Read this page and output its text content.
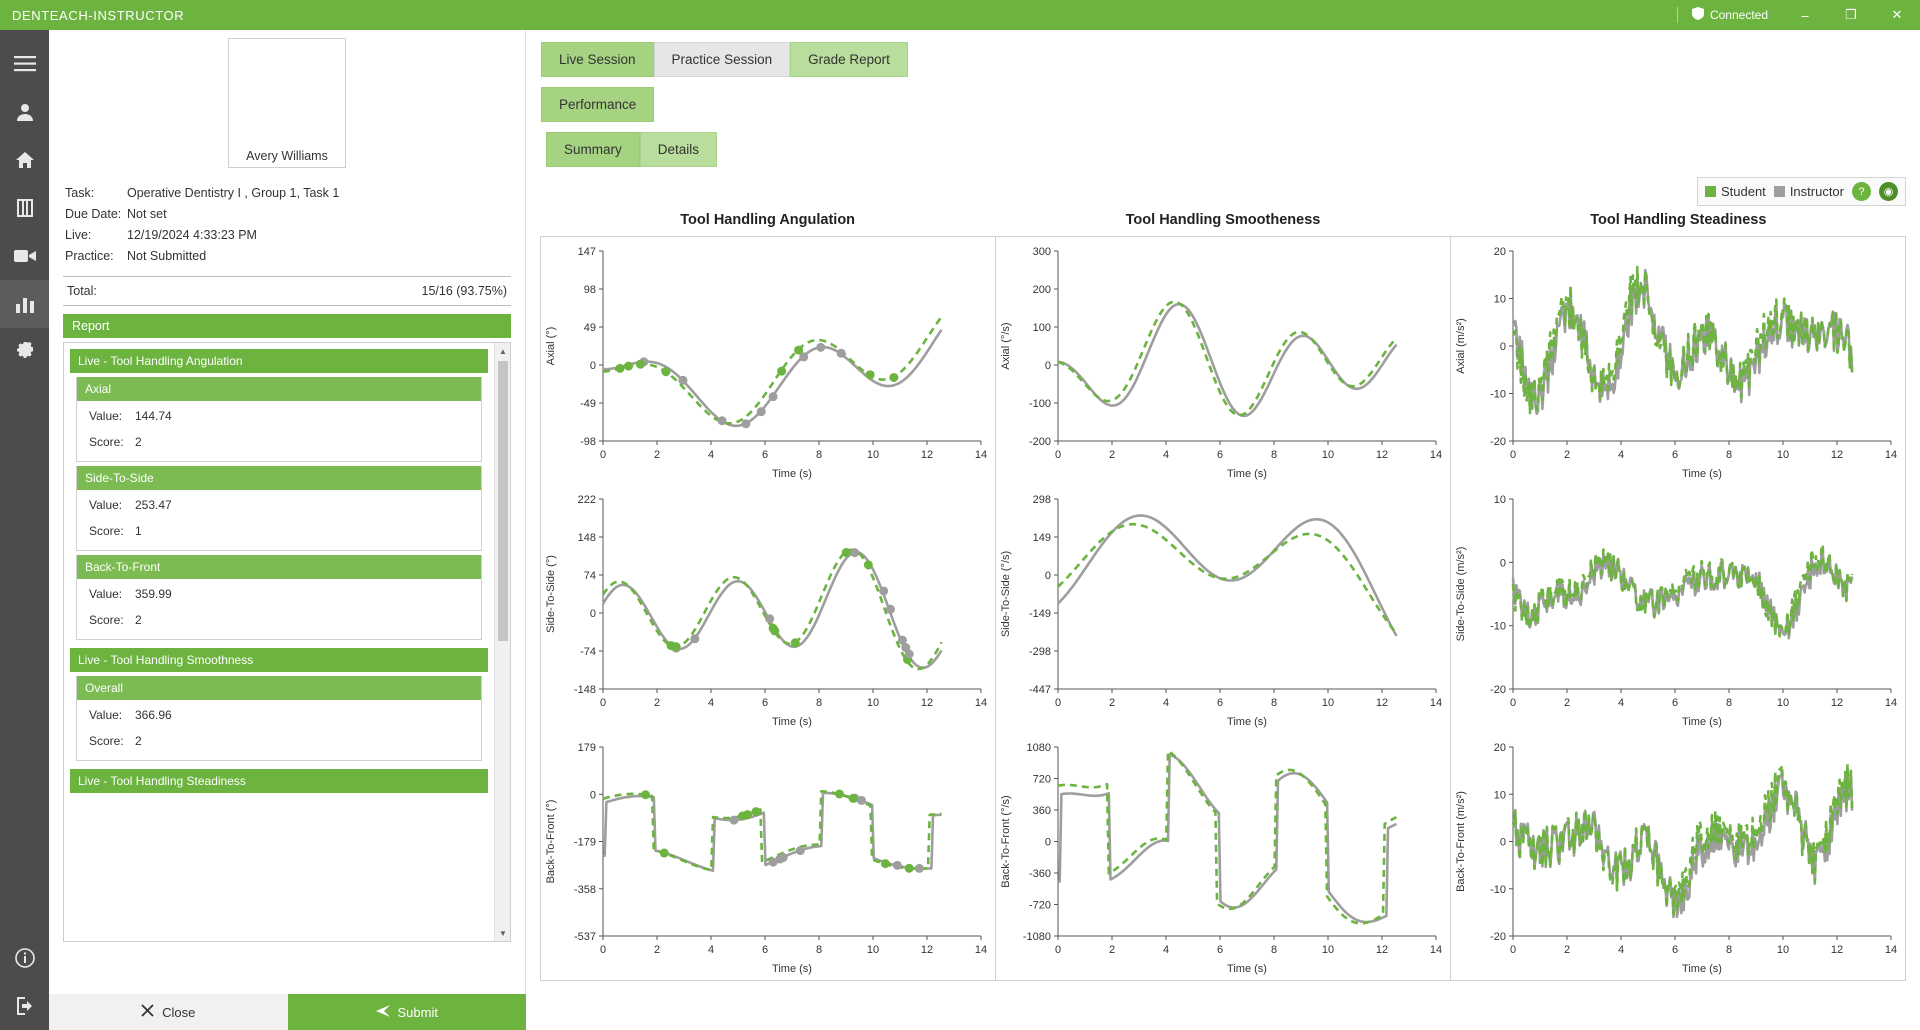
DENTEACH-INSTRUCTOR	Connected	–	❐	✕
Avery Williams
Task:	Operative Dentistry I , Group 1, Task 1
Due Date: Not set
Live:	12/19/2024 4:33:23 PM
Practice:	Not Submitted
Total:	15/16 (93.75%)
Report
Live - Tool Handling Angulation
Axial
Value:	144.74
Score: 2
Side-To-Side
Value:	253.47
Score: 1
Back-To-Front
Value:	359.99
Score: 2
Live - Tool Handling Smoothness
Overall
Value:	366.96
Score: 2
Live - Tool Handling Steadiness
▲
▼
Close	Submit
Live Session	Practice Session	Grade Report
Performance
Summary	Details
Student	Instructor	?	◉
Tool Handling Angulation	Tool Handling Smootheness	Tool Handling Steadiness
0	2	4	6	8	10	12	14
-98
-49
0
49
98
147
Time (s)
Axial (°)
0	2	4	6	8	10	12	14
-148
-74
0
74
148
222
Time (s)
Side-To-Side (°)
0	2	4	6	8	10	12	14
-537
-358
-179
0
179
Time (s)
Back-To-Front (°)
0	2	4	6	8	10	12	14
-200
-100
0
100
200
300
Time (s)
Axial (°/s)
0	2	4	6	8	10	12	14
-447
-298
-149
0
149
298
Time (s)
Side-To-Side (°/s)
0	2	4	6	8	10	12	14
-1080
-720
-360
0
360
720
1080
Time (s)
Back-To-Front (°/s)
0	2	4	6	8	10	12	14
-20
-10
0
10
20
Time (s)
Axial (m/s²)
0	2	4	6	8	10	12	14
-20
-10
0
10
Time (s)
Side-To-Side (m/s²)
0	2	4	6	8	10	12	14
-20
-10
0
10
20
Time (s)
Back-To-Front (m/s²)
